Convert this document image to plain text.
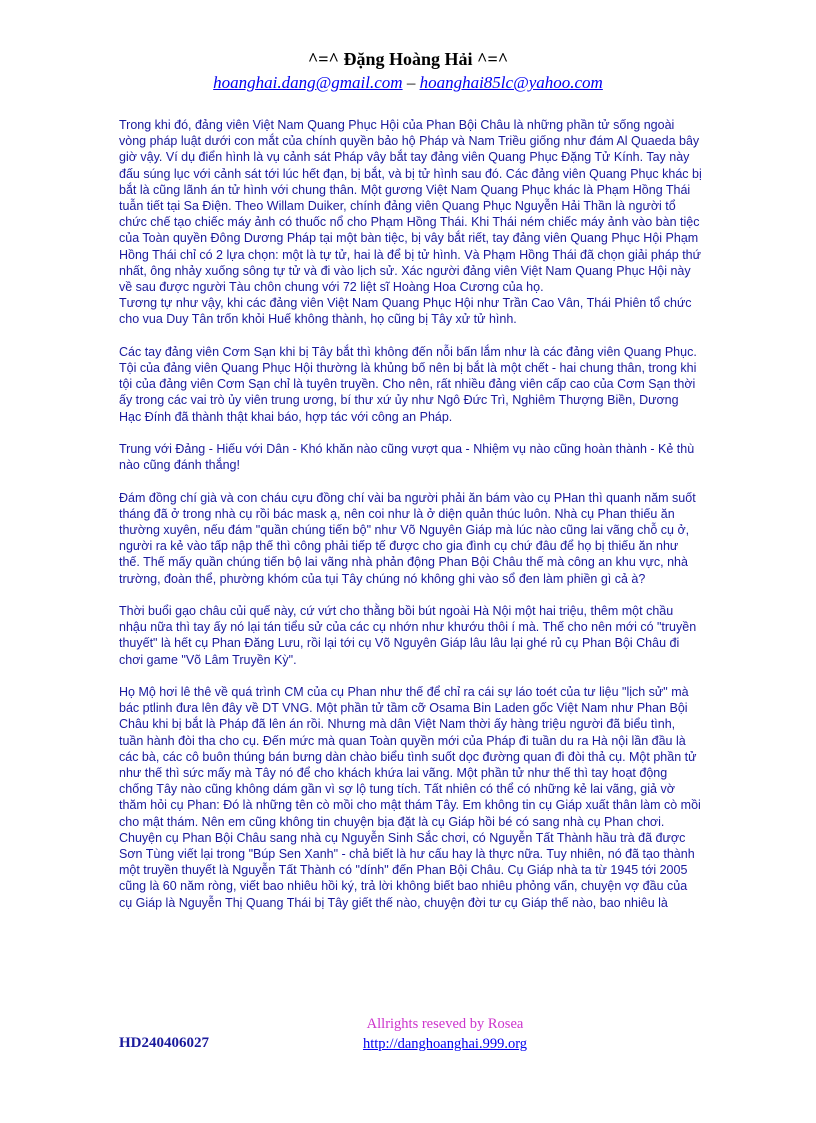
^=^ Đặng Hoàng Hải ^=^
hoanghai.dang@gmail.com – hoanghai85lc@yahoo.com

Trong khi đó, đảng viên Việt Nam Quang Phục Hội của Phan Bội Châu là những phần tử sống ngoài vòng pháp luật dưới con mắt của chính quyền bảo hộ Pháp và Nam Triều giống như đám Al Quaeda bây giờ vậy. Ví dụ điển hình là vụ cảnh sát Pháp vây bắt tay đảng viên Quang Phục Đặng Tử Kính. Tay này đấu súng lục với cảnh sát tới lúc hết đạn, bị bắt, và bị tử hình sau đó. Các đảng viên Quang Phục khác bị bắt là cũng lãnh án tử hình với chung thân. Một gương Việt Nam Quang Phục khác là Phạm Hồng Thái tuẫn tiết tại Sa Điện. Theo Willam Duiker, chính đảng viên Quang Phục Nguyễn Hải Thần là người tổ chức chế tạo chiếc máy ảnh có thuốc nổ cho Phạm Hồng Thái. Khi Thái ném chiếc máy ảnh vào bàn tiệc của Toàn quyền Đông Dương Pháp tại một bàn tiệc, bị vây bắt riết, tay đảng viên Quang Phục Hội Phạm Hồng Thái chỉ có 2 lựa chọn: một là tự tử, hai là để bị tử hình. Và Phạm Hồng Thái đã chọn giải pháp thứ nhất, ông nhảy xuống sông tự tử và đi vào lịch sử. Xác người đảng viên Việt Nam Quang Phục Hội này về sau được người Tàu chôn chung với 72 liệt sĩ Hoàng Hoa Cương của họ.

Tương tự như vậy, khi các đảng viên Việt Nam Quang Phục Hội như Trần Cao Vân, Thái Phiên tổ chức cho vua Duy Tân trốn khỏi Huế không thành, họ cũng bị Tây xử tử hình.

Các tay đảng viên Cơm Sạn khi bị Tây bắt thì không đến nỗi bấn lắm như là các đảng viên Quang Phục. Tội của đảng viên Quang Phục Hội thường là khủng bố nên bị bắt là một chết - hai chung thân, trong khi tội của đảng viên Cơm Sạn chỉ là tuyên truyền. Cho nên, rất nhiều đảng viên cấp cao của Cơm Sạn thời ấy trong các vai trò ủy viên trung ương, bí thư xứ ủy như Ngô Đức Trì, Nghiêm Thượng Biền, Dương Hạc Đính đã thành thật khai báo, hợp tác với công an Pháp.

Trung với Đảng - Hiếu với Dân - Khó khăn nào cũng vượt qua - Nhiệm vụ nào cũng hoàn thành - Kẻ thù nào cũng đánh thắng!

Đám đồng chí già và con cháu cựu đồng chí vài ba người phải ăn bám vào cụ PHan thì quanh năm suốt tháng đã ở trong nhà cụ rồi bác mask ạ, nên coi như là ở diện quản thúc luôn. Nhà cụ Phan thiếu ăn thường xuyên, nếu đám "quần chúng tiến bộ" như Võ Nguyên Giáp mà lúc nào cũng lai vãng chỗ cụ ở, người ra kẻ vào tấp nập thế thì công phải tiếp tế được cho gia đình cụ chứ đâu để họ bị thiếu ăn như thế. Thế mấy quần chúng tiến bộ lai vãng nhà phản động Phan Bội Châu thế mà công an khu vực, nhà trường, đoàn thể, phường khóm của tụi Tây chúng nó không ghi vào sổ đen làm phiền gì cả à?

Thời buổi gạo châu củi quế này, cứ vứt cho thằng bồi bút ngoài Hà Nội một hai triệu, thêm một chầu nhậu nữa thì tay ấy nó lại tán tiểu sử của các cụ nhớn như khướu thôi í mà. Thế cho nên mới có "truyền thuyết" là hết cụ Phan Đăng Lưu, rồi lại tới cụ Võ Nguyên Giáp lâu lâu lại ghé rủ cụ Phan Bội Châu đi chơi game "Võ Lâm Truyền Kỳ".

Họ Mộ hơi lê thê về quá trình CM của cụ Phan như thế để chỉ ra cái sự láo toét của tư liệu "lịch sử" mà bác ptlinh đưa lên đây về DT VNG. Một phần tử tầm cỡ Osama Bin Laden gốc Việt Nam như Phan Bội Châu khi bị bắt là Pháp đã lên án rồi. Nhưng mà dân Việt Nam thời ấy hàng triệu người đã biểu tình, tuần hành đòi tha cho cụ. Đến mức mà quan Toàn quyền mới của Pháp đi tuần du ra Hà nội lần đầu là các bà, các cô buôn thúng bán bưng dàn chào biểu tình suốt dọc đường quan đi đòi thả cụ. Một phần tử như thế thì sức mấy mà Tây nó để cho khách khứa lai vãng. Một phần tử như thế thì tay hoạt động chống Tây nào cũng không dám gần vì sợ lộ tung tích. Tất nhiên có thể có những kẻ lai vãng, giả vờ thăm hỏi cụ Phan: Đó là những tên cò mồi cho mật thám Tây. Em không tin cụ Giáp xuất thân làm cò mồi cho mật thám. Nên em cũng không tin chuyện bịa đặt là cụ Giáp hồi bé có sang nhà cụ Phan chơi. Chuyện cụ Phan Bội Châu sang nhà cụ Nguyễn Sinh Sắc chơi, có Nguyễn Tất Thành hầu trà đã được Sơn Tùng viết lại trong "Búp Sen Xanh" - chả biết là hư cấu hay là thực nữa. Tuy nhiên, nó đã tạo thành một truyền thuyết là Nguyễn Tất Thành có "dính" đến Phan Bội Châu. Cụ Giáp nhà ta từ 1945 tới 2005 cũng là 60 năm ròng, viết bao nhiêu hồi ký, trả lời không biết bao nhiêu phỏng vấn, chuyện vợ đầu của cụ Giáp là Nguyễn Thị Quang Thái bị Tây giết thế nào, chuyện đời tư cụ Giáp thế nào, bao nhiêu là

HD240406027
Allrights reseved by Rosea
http://danghoanghai.999.org
